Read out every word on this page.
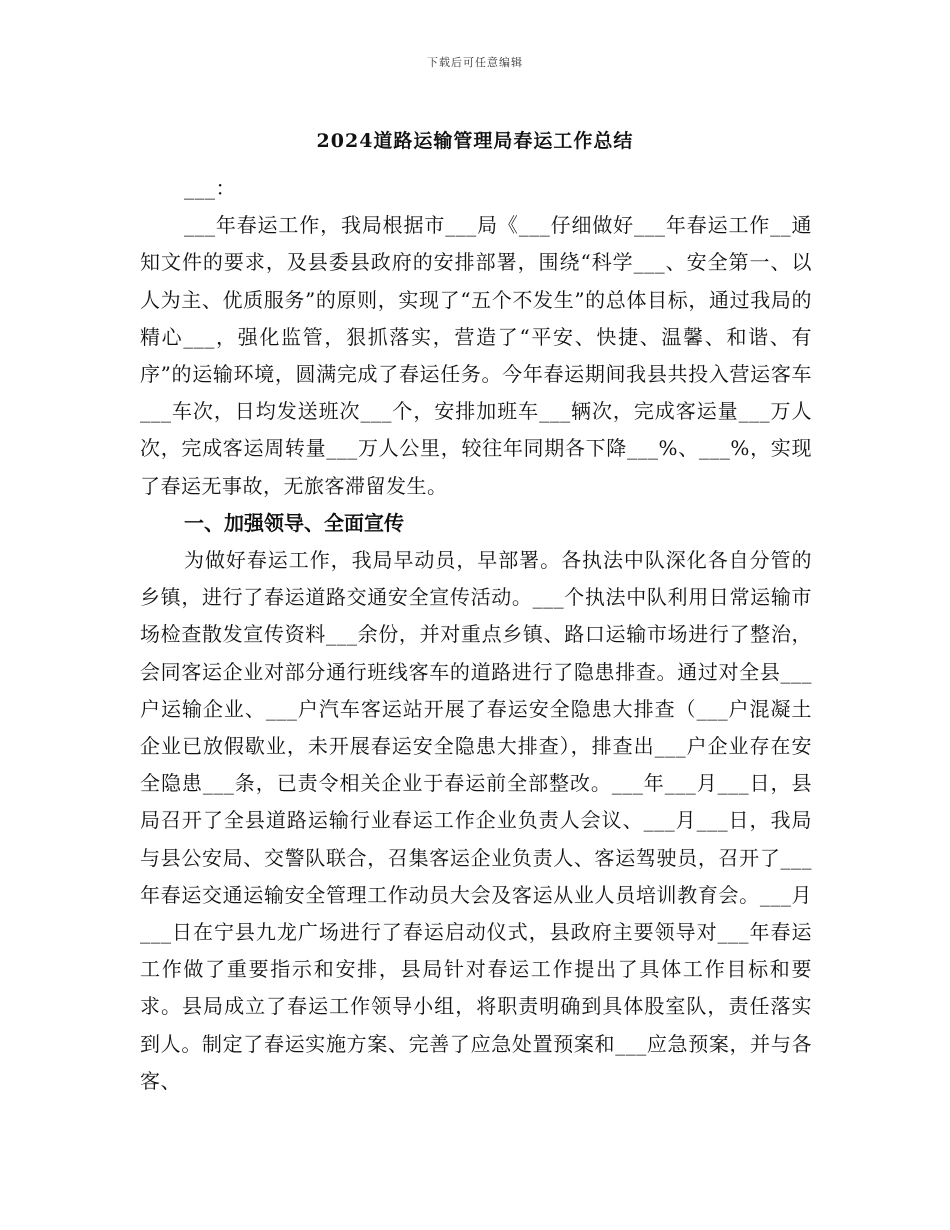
下载后可任意编辑
2024道路运输管理局春运工作总结

___：

___年春运工作，我局根据市___局《___仔细做好___年春运工作__通知文件的要求，及县委县政府的安排部署，围绕“科学___、安全第一、以人为主、优质服务”的原则，实现了“五个不发生”的总体目标，通过我局的精心___，强化监管，狠抓落实，营造了“平安、快捷、温馨、和谐、有序”的运输环境，圆满完成了春运任务。今年春运期间我县共投入营运客车___车次，日均发送班次___个，安排加班车___辆次，完成客运量___万人次，完成客运周转量___万人公里，较往年同期各下降___%、___%，实现了春运无事故，无旅客滞留发生。

一、加强领导、全面宣传

为做好春运工作，我局早动员，早部署。各执法中队深化各自分管的乡镇，进行了春运道路交通安全宣传活动。___个执法中队利用日常运输市场检查散发宣传资料___余份，并对重点乡镇、路口运输市场进行了整治，会同客运企业对部分通行班线客车的道路进行了隐患排查。通过对全县___户运输企业、___户汽车客运站开展了春运安全隐患大排查（___户混凝土企业已放假歇业，未开展春运安全隐患大排查），排查出___户企业存在安全隐患___条，已责令相关企业于春运前全部整改。___年___月___日，县局召开了全县道路运输行业春运工作企业负责人会议、___月___日，我局与县公安局、交警队联合，召集客运企业负责人、客运驾驶员，召开了___年春运交通运输安全管理工作动员大会及客运从业人员培训教育会。___月___日在宁县九龙广场进行了春运启动仪式，县政府主要领导对___年春运工作做了重要指示和安排，县局针对春运工作提出了具体工作目标和要求。县局成立了春运工作领导小组，将职责明确到具体股室队，责任落实到人。制定了春运实施方案、完善了应急处置预案和___应急预案，并与各客、
